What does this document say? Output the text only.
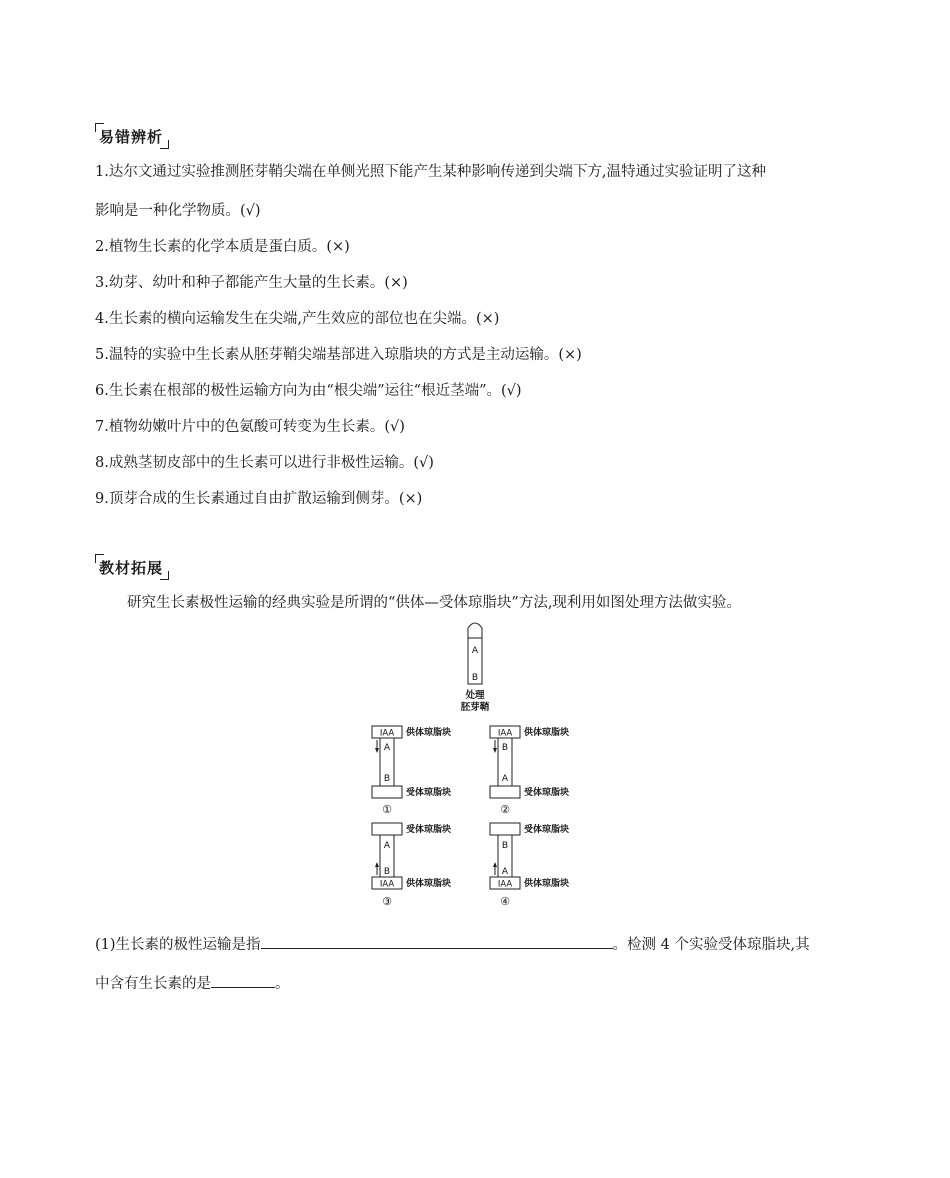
易错辨析
1.达尔文通过实验推测胚芽鞘尖端在单侧光照下能产生某种影响传递到尖端下方,温特通过实验证明了这种
影响是一种化学物质。(√)
2.植物生长素的化学本质是蛋白质。(×)
3.幼芽、幼叶和种子都能产生大量的生长素。(×)
4.生长素的横向运输发生在尖端,产生效应的部位也在尖端。(×)
5.温特的实验中生长素从胚芽鞘尖端基部进入琼脂块的方式是主动运输。(×)
6.生长素在根部的极性运输方向为由“根尖端”运往“根近茎端”。(√)
7.植物幼嫩叶片中的色氨酸可转变为生长素。(√)
8.成熟茎韧皮部中的生长素可以进行非极性运输。(√)
9.顶芽合成的生长素通过自由扩散运输到侧芽。(×)
教材拓展
研究生长素极性运输的经典实验是所谓的“供体—受体琼脂块”方法,现利用如图处理方法做实验。
A
B
处理
胚芽鞘
IAA
A
B
①
IAA
B
A
②
A
B
IAA
③
B
A
IAA
④
供体琼脂块
受体琼脂块
供体琼脂块
受体琼脂块
受体琼脂块
供体琼脂块
受体琼脂块
供体琼脂块
(1)生长素的极性运输是指	。检测 4 个实验受体琼脂块,其
中含有生长素的是	。
